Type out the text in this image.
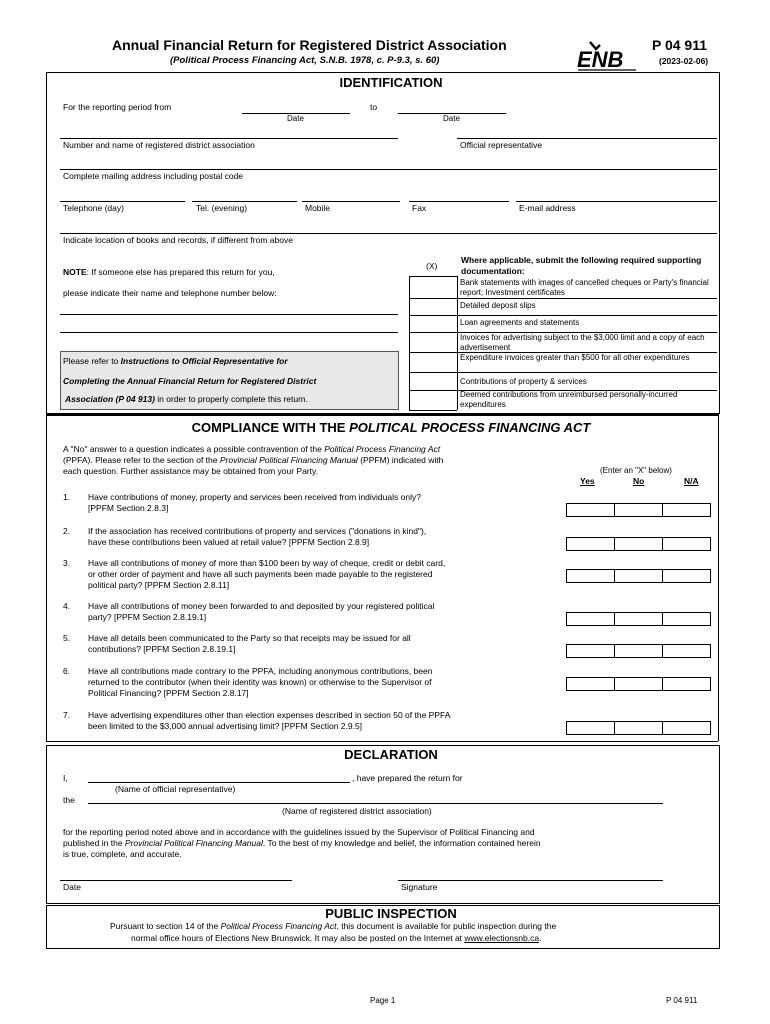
Annual Financial Return for Registered District Association
(Political Process Financing Act, S.N.B. 1978, c. P-9.3, s. 60)	ENB
P 04 911
(2023-02-06)
IDENTIFICATION
For the reporting period from	to
Date	Date
Number and name of registered district association	Official representative
Complete mailing address including postal code
Telephone (day)	Tel. (evening)	Mobile	Fax	E-mail address
Indicate location of books and records, if different from above
NOTE: If someone else has prepared this return for you,
please indicate their name and telephone number below:
Please refer to Instructions to Official Representative for
Completing the Annual Financial Return for Registered District
Association (P 04 913) in order to properly complete this return.
(X)
Where applicable, submit the following required supporting documentation:
Bank statements with images of cancelled cheques or Party's financial report; Investment certificates
Detailed deposit slips
Loan agreements and statements
Invoices for advertising subject to the $3,000 limit and a copy of each advertisement
Expenditure invoices greater than $500 for all other expenditures
Contributions of property & services
Deemed contributions from unreimbursed personally-incurred expenditures
COMPLIANCE WITH THE POLITICAL PROCESS FINANCING ACT
A "No" answer to a question indicates a possible contravention of the Political Process Financing Act
(PPFA). Please refer to the section of the Provincial Political Financing Manual (PPFM) indicated with
each question. Further assistance may be obtained from your Party.	(Enter an "X" below)
Yes	No	N/A
1. Have contributions of money, property and services been received from individuals only?
[PPFM Section 2.8.3]
2. If the association has received contributions of property and services ("donations in kind"),
have these contributions been valued at retail value? [PPFM Section 2.8.9]
3. Have all contributions of money of more than $100 been by way of cheque, credit or debit card,
or other order of payment and have all such payments been made payable to the registered
political party? [PPFM Section 2.8.11]
4. Have all contributions of money been forwarded to and deposited by your registered political
party? [PPFM Section 2.8.19.1]
5. Have all details been communicated to the Party so that receipts may be issued for all
contributions? [PPFM Section 2.8.19.1]
6. Have all contributions made contrary to the PPFA, including anonymous contributions, been
returned to the contributor (when their identity was known) or otherwise to the Supervisor of
Political Financing? [PPFM Section 2.8.17]
7. Have advertising expenditures other than election expenses described in section 50 of the PPFA
been limited to the $3,000 annual advertising limit? [PPFM Section 2.9.5]
DECLARATION
I,	, have prepared the return for
(Name of official representative)
the
(Name of registered district association)
for the reporting period noted above and in accordance with the guidelines issued by the Supervisor of Political Financing and
published in the Provincial Political Financing Manual. To the best of my knowledge and belief, the information contained herein
is true, complete, and accurate.
Date	Signature
PUBLIC INSPECTION
Pursuant to section 14 of the Political Process Financing Act, this document is available for public inspection during the
normal office hours of Elections New Brunswick. It may also be posted on the Internet at www.electionsnb.ca.
Page 1	P 04 911
